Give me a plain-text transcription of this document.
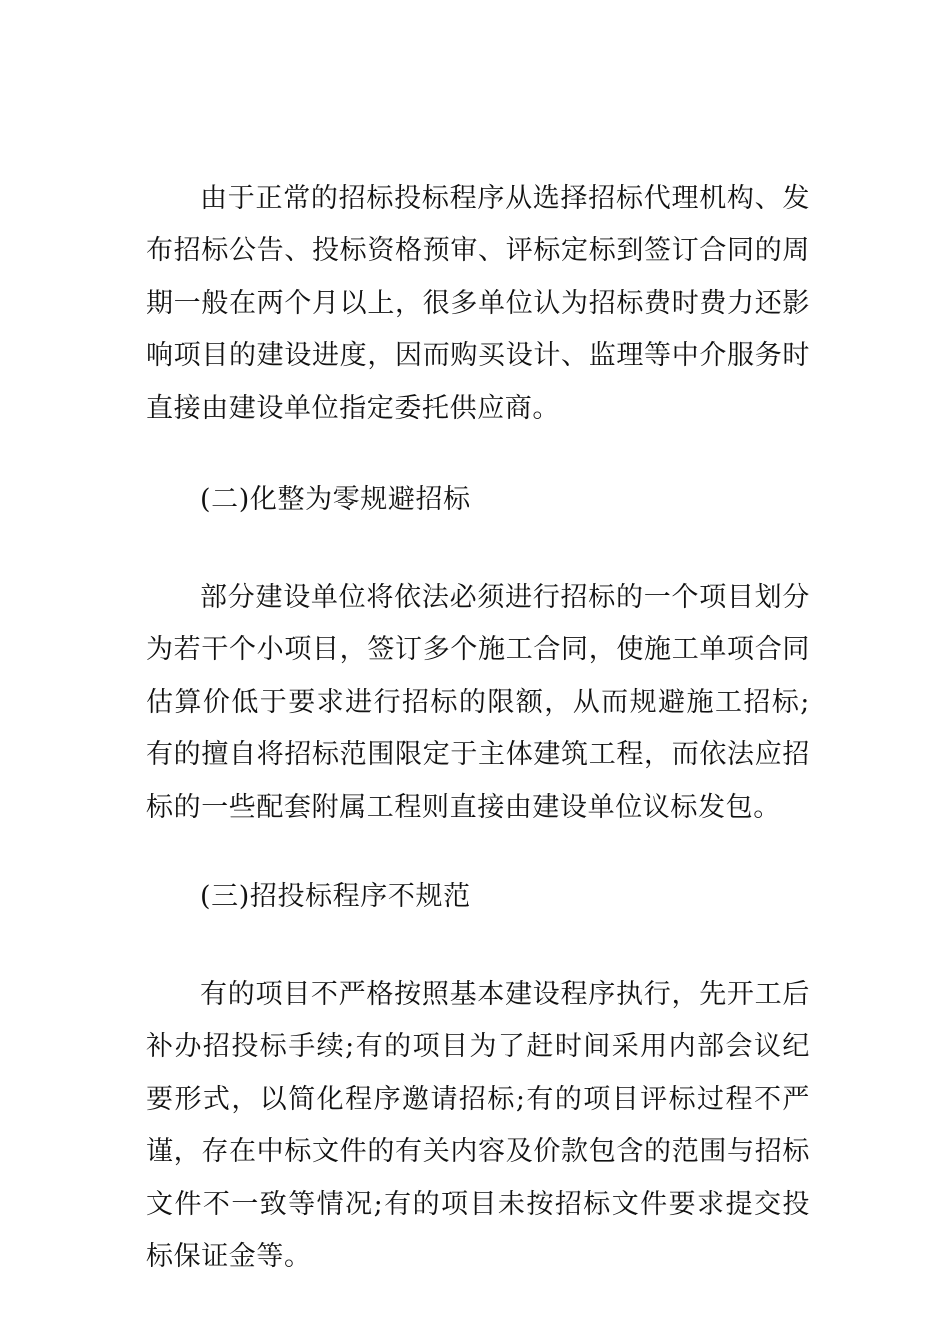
由于正常的招标投标程序从选择招标代理机构、发布招标公告、投标资格预审、评标定标到签订合同的周期一般在两个月以上，很多单位认为招标费时费力还影响项目的建设进度，因而购买设计、监理等中介服务时直接由建设单位指定委托供应商。

(二)化整为零规避招标

部分建设单位将依法必须进行招标的一个项目划分为若干个小项目，签订多个施工合同，使施工单项合同估算价低于要求进行招标的限额，从而规避施工招标;有的擅自将招标范围限定于主体建筑工程，而依法应招标的一些配套附属工程则直接由建设单位议标发包。

(三)招投标程序不规范

有的项目不严格按照基本建设程序执行，先开工后补办招投标手续;有的项目为了赶时间采用内部会议纪要形式，以简化程序邀请招标;有的项目评标过程不严谨，存在中标文件的有关内容及价款包含的范围与招标文件不一致等情况;有的项目未按招标文件要求提交投标保证金等。
